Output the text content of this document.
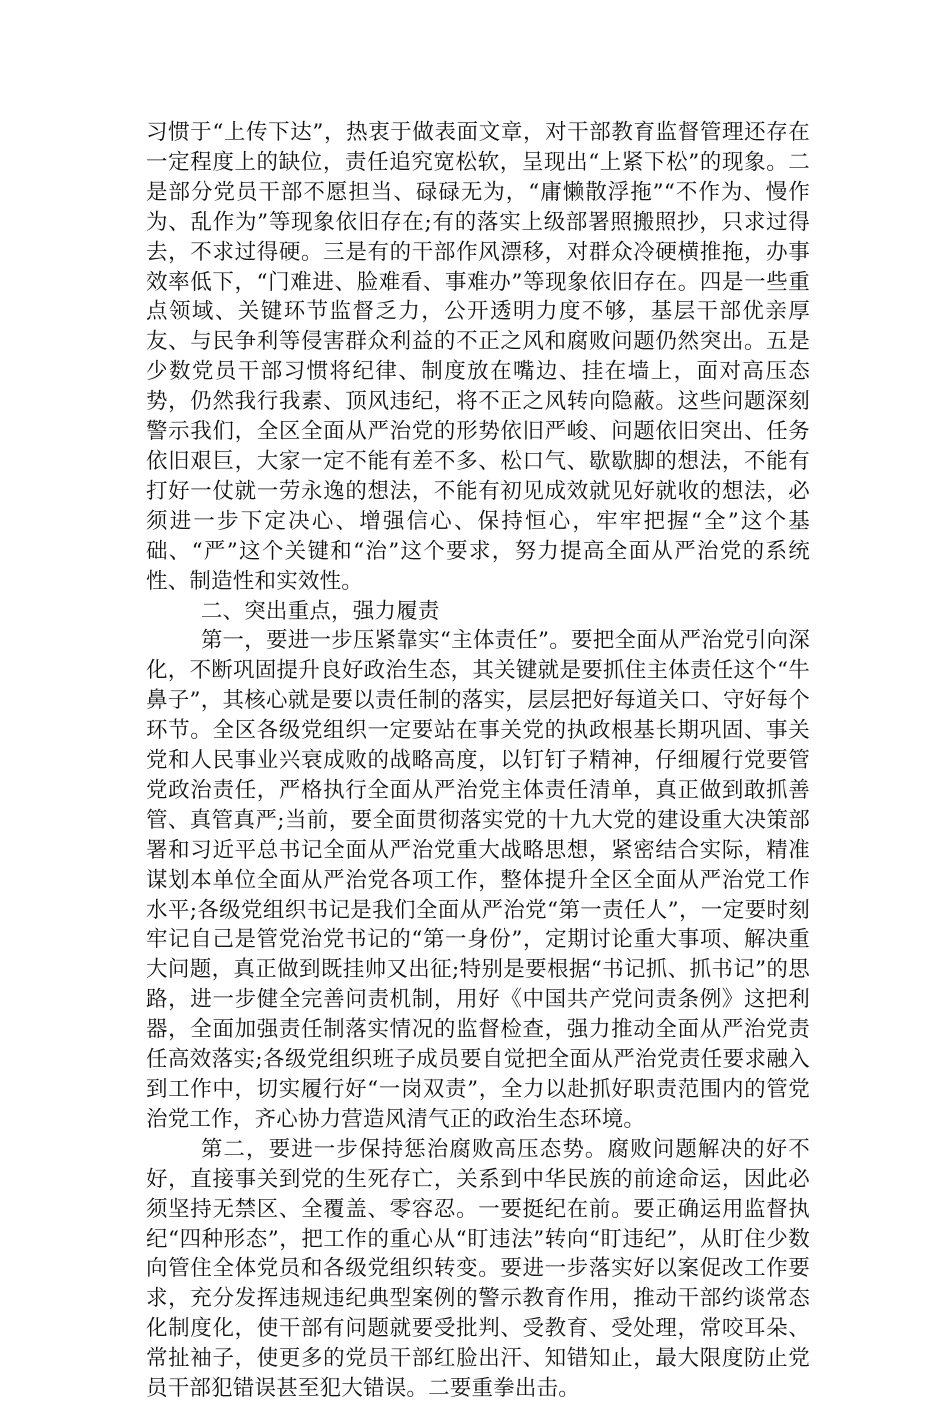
习惯于“上传下达”，热衷于做表面文章，对干部教育监督管理还存在一定程度上的缺位，责任追究宽松软，呈现出“上紧下松”的现象。二是部分党员干部不愿担当、碌碌无为，“庸懒散浮拖”“不作为、慢作为、乱作为”等现象依旧存在;有的落实上级部署照搬照抄，只求过得去，不求过得硬。三是有的干部作风漂移，对群众冷硬横推拖，办事效率低下，“门难进、脸难看、事难办”等现象依旧存在。四是一些重点领域、关键环节监督乏力，公开透明力度不够，基层干部优亲厚友、与民争利等侵害群众利益的不正之风和腐败问题仍然突出。五是少数党员干部习惯将纪律、制度放在嘴边、挂在墙上，面对高压态势，仍然我行我素、顶风违纪，将不正之风转向隐蔽。这些问题深刻警示我们，全区全面从严治党的形势依旧严峻、问题依旧突出、任务依旧艰巨，大家一定不能有差不多、松口气、歇歇脚的想法，不能有打好一仗就一劳永逸的想法，不能有初见成效就见好就收的想法，必须进一步下定决心、增强信心、保持恒心，牢牢把握“全”这个基础、“严”这个关键和“治”这个要求，努力提高全面从严治党的系统性、制造性和实效性。

二、突出重点，强力履责

第一，要进一步压紧靠实“主体责任”。要把全面从严治党引向深化，不断巩固提升良好政治生态，其关键就是要抓住主体责任这个“牛鼻子”，其核心就是要以责任制的落实，层层把好每道关口、守好每个环节。全区各级党组织一定要站在事关党的执政根基长期巩固、事关党和人民事业兴衰成败的战略高度，以钉钉子精神，仔细履行党要管党政治责任，严格执行全面从严治党主体责任清单，真正做到敢抓善管、真管真严;当前，要全面贯彻落实党的十九大党的建设重大决策部署和习近平总书记全面从严治党重大战略思想，紧密结合实际，精准谋划本单位全面从严治党各项工作，整体提升全区全面从严治党工作水平;各级党组织书记是我们全面从严治党“第一责任人”，一定要时刻牢记自己是管党治党书记的“第一身份”，定期讨论重大事项、解决重大问题，真正做到既挂帅又出征;特别是要根据“书记抓、抓书记”的思路，进一步健全完善问责机制，用好《中国共产党问责条例》这把利器，全面加强责任制落实情况的监督检查，强力推动全面从严治党责任高效落实;各级党组织班子成员要自觉把全面从严治党责任要求融入到工作中，切实履行好“一岗双责”，全力以赴抓好职责范围内的管党治党工作，齐心协力营造风清气正的政治生态环境。

第二，要进一步保持惩治腐败高压态势。腐败问题解决的好不好，直接事关到党的生死存亡，关系到中华民族的前途命运，因此必须坚持无禁区、全覆盖、零容忍。一要挺纪在前。要正确运用监督执纪“四种形态”，把工作的重心从“盯违法”转向“盯违纪”，从盯住少数向管住全体党员和各级党组织转变。要进一步落实好以案促改工作要求，充分发挥违规违纪典型案例的警示教育作用，推动干部约谈常态化制度化，使干部有问题就要受批判、受教育、受处理，常咬耳朵、常扯袖子，使更多的党员干部红脸出汗、知错知止，最大限度防止党员干部犯错误甚至犯大错误。二要重拳出击。
